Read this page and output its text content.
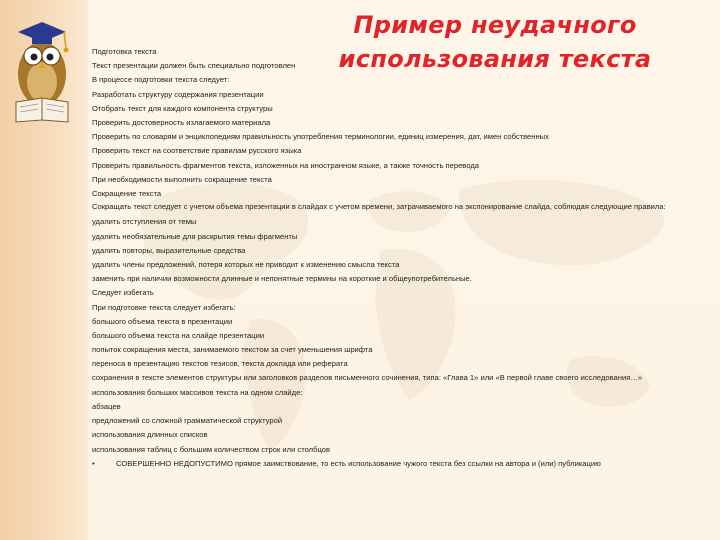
Пример неудачного
использования текста
Подготовка текста
Текст презентации должен быть специально подготовлен
В процессе подготовки текста следует:
Разработать структуру содержания презентации
Отобрать текст для каждого компонента структуры
Проверить достоверность излагаемого материала
Проверить по словарям и энциклопедиям правильность употребления терминологии, единиц измерения, дат, имен собственных
Проверить текст на соответствие правилам русского языка
Проверить правильность фрагментов текста, изложенных на иностранном языке, а также точность перевода
При необходимости выполнить сокращение текста
Сокращение текста
Сокращать текст следует с учетом объема презентации в слайдах с учетом времени, затрачиваемого на экспонирование слайда, соблюдая следующие правила:
удалить отступления от темы
удалить необязательные для раскрытия темы фрагменты
удалить повторы, выразительные средства
удалить члены предложений, потеря которых не приводит к изменению смысла текста
заменить при наличии возможности длинные и непонятные термины на короткие и общеупотребительные.
Следует избегать
При подготовке текста следует избегать:
большого объема текста в презентации
большого объема текста на слайде презентации
попыток сокращения места, занимаемого текстом за счет уменьшения шрифта
переноса в презентацию текстов тезисов, текста доклада или реферата
сохранения в тексте элементов структуры или заголовков разделов письменного сочинения, типа: «Глава 1» или «В первой главе своего исследования…»
использования больших массивов текста на одном слайде:
абзацев
предложений со сложной грамматической структурой
использования длинных списков
использования таблиц с большим количеством строк или столбцов
•	СОВЕРШЕННО НЕДОПУСТИМО прямое заимствование, то есть использование чужого текста без ссылки на автора и (или) публикацию
